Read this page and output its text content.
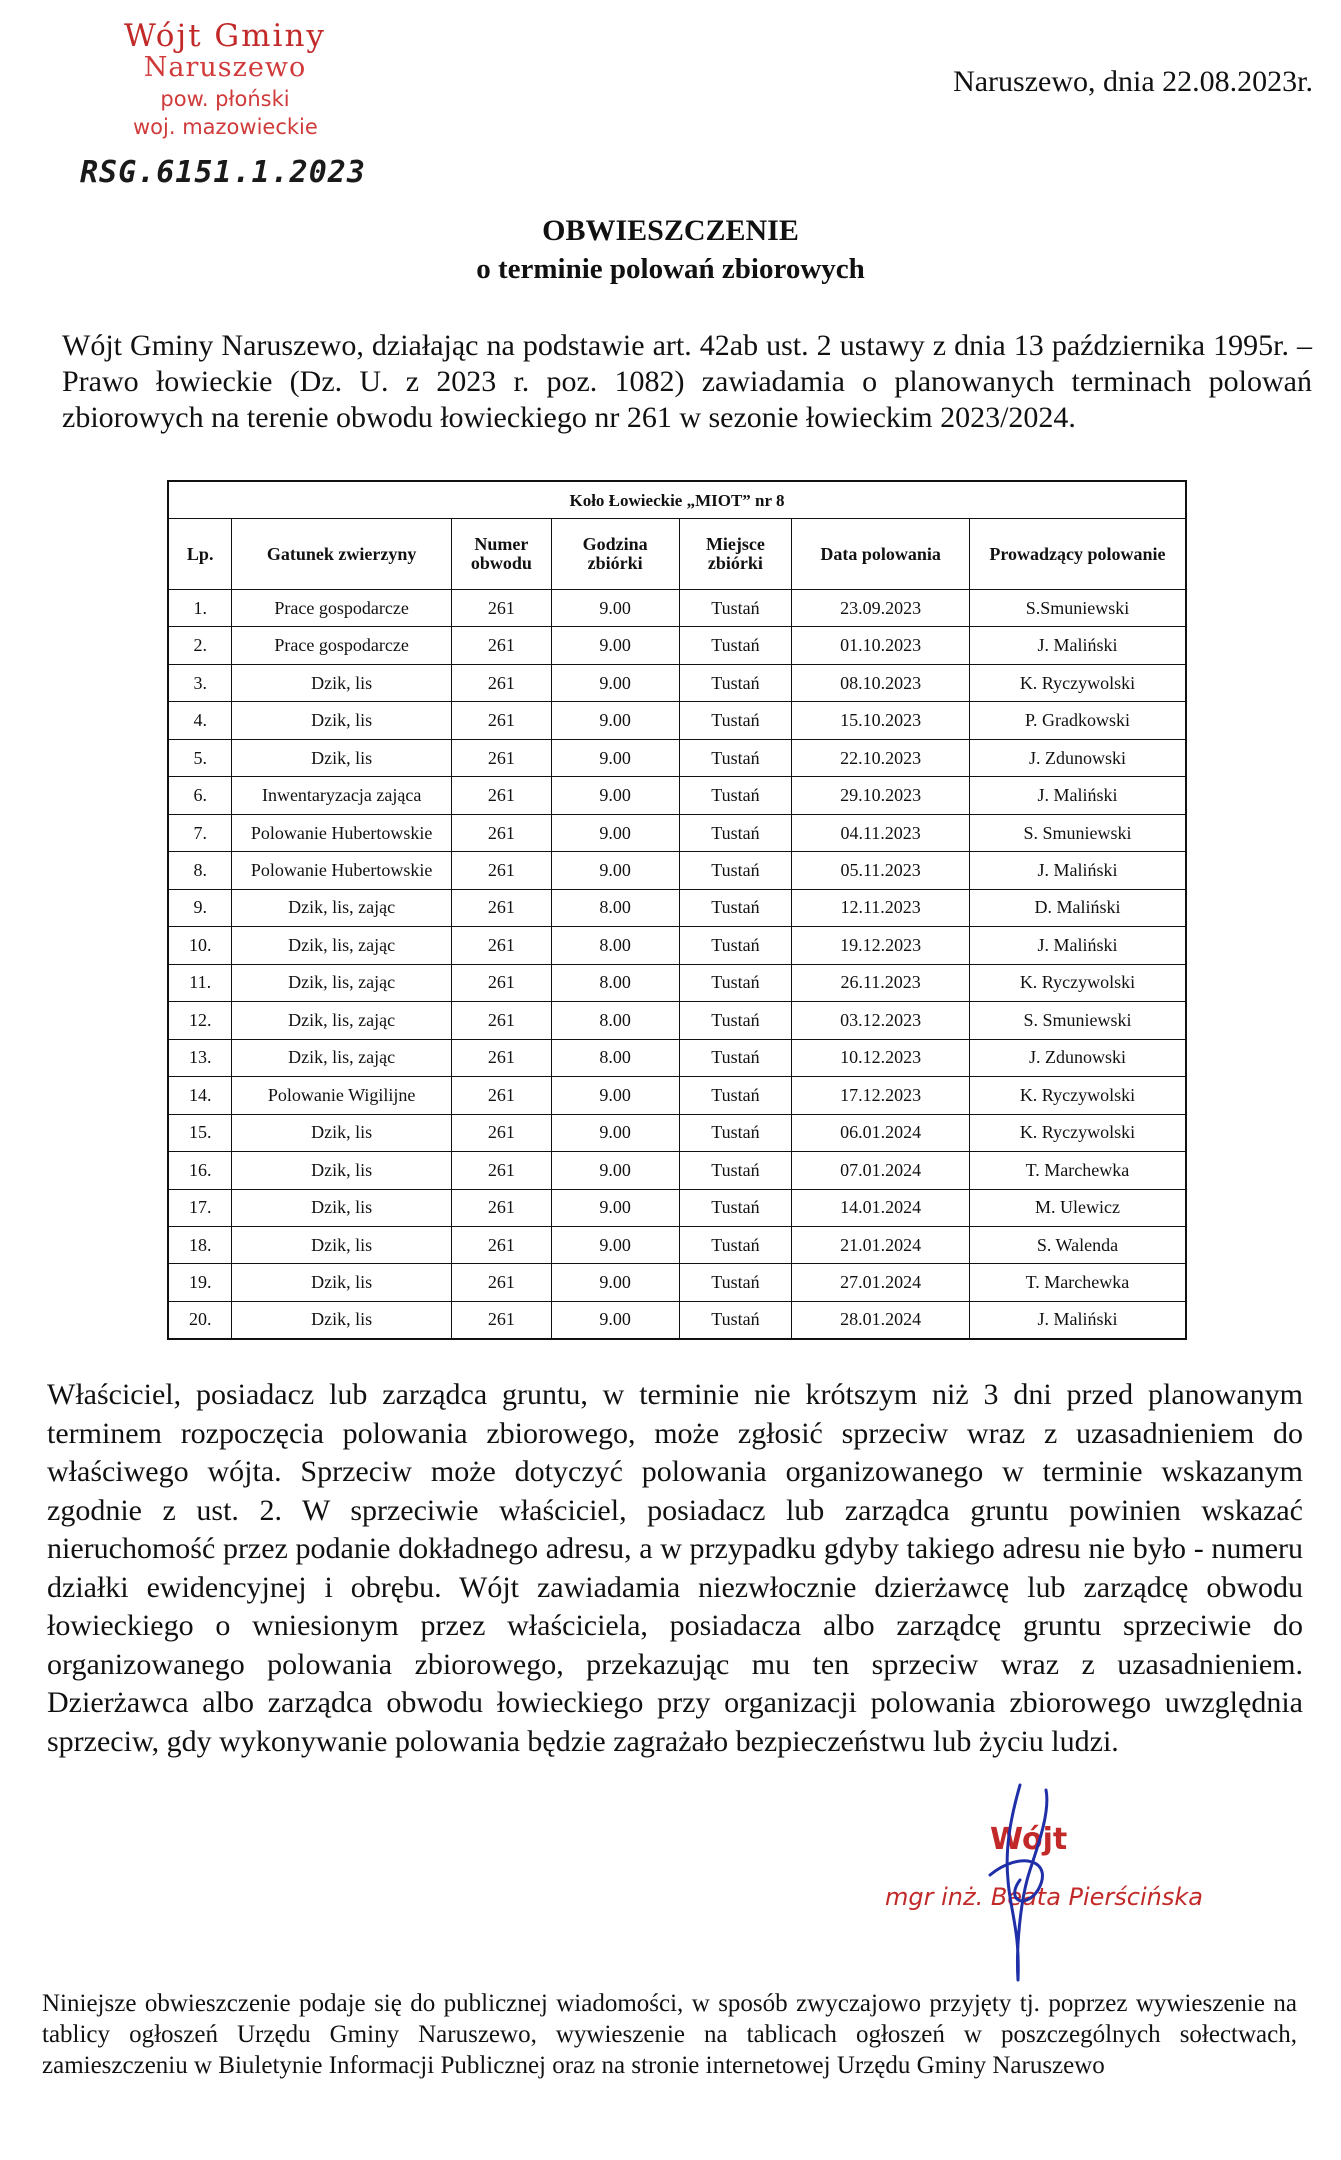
Wójt Gminy
Naruszewo
pow. płoński
woj. mazowieckie
RSG.6151.1.2023
Naruszewo, dnia 22.08.2023r.
OBWIESZCZENIE
o terminie polowań zbiorowych
Wójt Gminy Naruszewo, działając na podstawie art. 42ab ust. 2 ustawy z dnia 13 października 1995r. – Prawo łowieckie (Dz. U. z 2023 r. poz. 1082) zawiadamia o planowanych terminach polowań zbiorowych na terenie obwodu łowieckiego nr 261 w sezonie łowieckim 2023/2024.
Koło Łowieckie „MIOT” nr 8						
Lp.	Gatunek zwierzyny	Numer obwodu	Godzina zbiórki	Miejsce zbiórki	Data polowania	Prowadzący polowanie
1.	Prace gospodarcze	261	9.00	Tustań	23.09.2023	S.Smuniewski
2.	Prace gospodarcze	261	9.00	Tustań	01.10.2023	J. Maliński
3.	Dzik, lis	261	9.00	Tustań	08.10.2023	K. Ryczywolski
4.	Dzik, lis	261	9.00	Tustań	15.10.2023	P. Gradkowski
5.	Dzik, lis	261	9.00	Tustań	22.10.2023	J. Zdunowski
6.	Inwentaryzacja zająca	261	9.00	Tustań	29.10.2023	J. Maliński
7.	Polowanie Hubertowskie	261	9.00	Tustań	04.11.2023	S. Smuniewski
8.	Polowanie Hubertowskie	261	9.00	Tustań	05.11.2023	J. Maliński
9.	Dzik, lis, zając	261	8.00	Tustań	12.11.2023	D. Maliński
10.	Dzik, lis, zając	261	8.00	Tustań	19.12.2023	J. Maliński
11.	Dzik, lis, zając	261	8.00	Tustań	26.11.2023	K. Ryczywolski
12.	Dzik, lis, zając	261	8.00	Tustań	03.12.2023	S. Smuniewski
13.	Dzik, lis, zając	261	8.00	Tustań	10.12.2023	J. Zdunowski
14.	Polowanie Wigilijne	261	9.00	Tustań	17.12.2023	K. Ryczywolski
15.	Dzik, lis	261	9.00	Tustań	06.01.2024	K. Ryczywolski
16.	Dzik, lis	261	9.00	Tustań	07.01.2024	T. Marchewka
17.	Dzik, lis	261	9.00	Tustań	14.01.2024	M. Ulewicz
18.	Dzik, lis	261	9.00	Tustań	21.01.2024	S. Walenda
19.	Dzik, lis	261	9.00	Tustań	27.01.2024	T. Marchewka
20.	Dzik, lis	261	9.00	Tustań	28.01.2024	J. Maliński
Właściciel, posiadacz lub zarządca gruntu, w terminie nie krótszym niż 3 dni przed planowanym terminem rozpoczęcia polowania zbiorowego, może zgłosić sprzeciw wraz z uzasadnieniem do właściwego wójta. Sprzeciw może dotyczyć polowania organizowanego w terminie wskazanym zgodnie z ust. 2. W sprzeciwie właściciel, posiadacz lub zarządca gruntu powinien wskazać nieruchomość przez podanie dokładnego adresu, a w przypadku gdyby takiego adresu nie było - numeru działki ewidencyjnej i obrębu. Wójt zawiadamia niezwłocznie dzierżawcę lub zarządcę obwodu łowieckiego o wniesionym przez właściciela, posiadacza albo zarządcę gruntu sprzeciwie do organizowanego polowania zbiorowego, przekazując mu ten sprzeciw wraz z uzasadnieniem. Dzierżawca albo zarządca obwodu łowieckiego przy organizacji polowania zbiorowego uwzględnia sprzeciw, gdy wykonywanie polowania będzie zagrażało bezpieczeństwu lub życiu ludzi.
Wójt
mgr inż. Beata Pierścińska
Niniejsze obwieszczenie podaje się do publicznej wiadomości, w sposób zwyczajowo przyjęty tj. poprzez wywieszenie na tablicy ogłoszeń Urzędu Gminy Naruszewo, wywieszenie na tablicach ogłoszeń w poszczególnych sołectwach, zamieszczeniu w Biuletynie Informacji Publicznej oraz na stronie internetowej Urzędu Gminy Naruszewo
